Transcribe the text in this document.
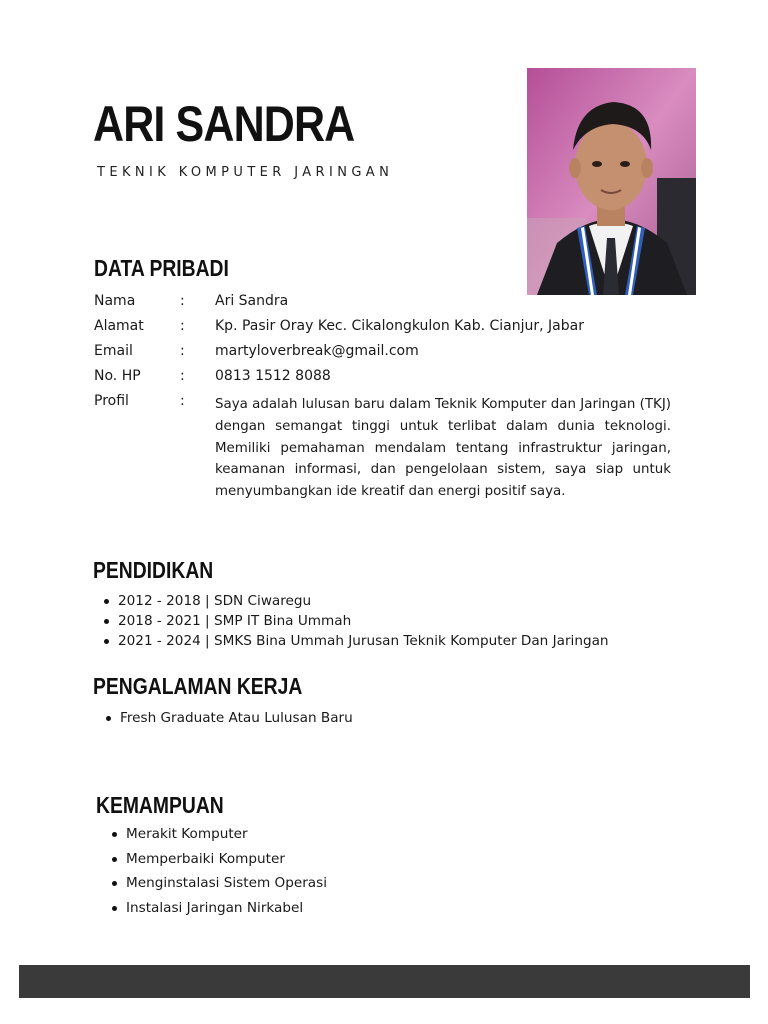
ARI SANDRA
TEKNIK KOMPUTER JARINGAN
DATA PRIBADI
Nama	: Ari Sandra
Alamat	: Kp. Pasir Oray Kec. Cikalongkulon Kab. Cianjur, Jabar
Email	: martyloverbreak@gmail.com
No. HP	: 0813 1512 8088
Profil	: Saya adalah lulusan baru dalam Teknik Komputer dan Jaringan (TKJ) dengan semangat tinggi untuk terlibat dalam dunia teknologi. Memiliki pemahaman mendalam tentang infrastruktur jaringan, keamanan informasi, dan pengelolaan sistem, saya siap untuk menyumbangkan ide kreatif dan energi positif saya.

PENDIDIKAN
2012 - 2018 | SDN Ciwaregu
2018 - 2021 | SMP IT Bina Ummah
2021 - 2024 | SMKS Bina Ummah Jurusan Teknik Komputer Dan Jaringan
PENGALAMAN KERJA
Fresh Graduate Atau Lulusan Baru
KEMAMPUAN
Merakit Komputer
Memperbaiki Komputer
Menginstalasi Sistem Operasi
Instalasi Jaringan Nirkabel
